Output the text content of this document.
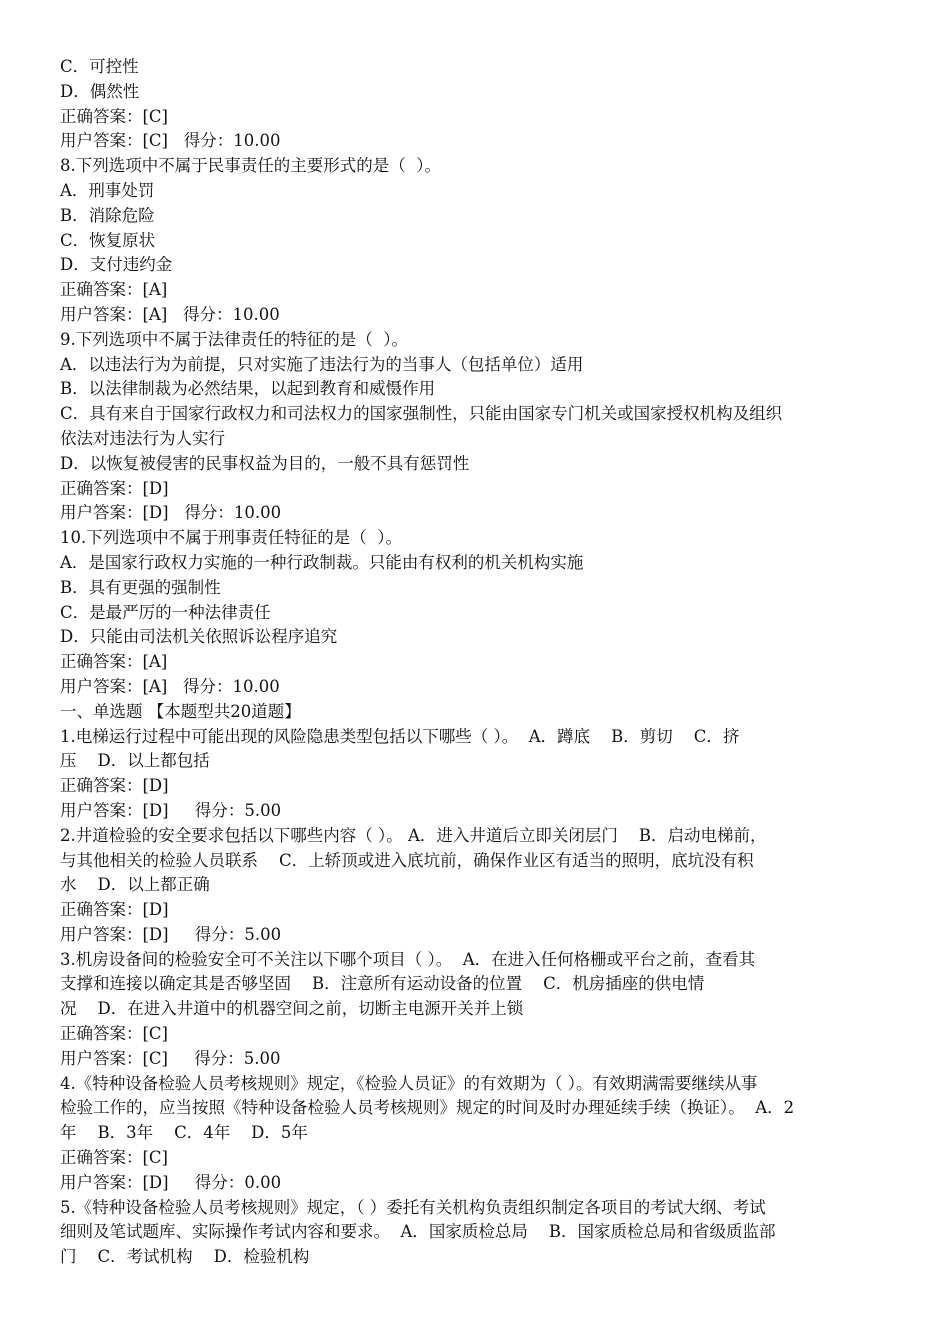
C．可控性
D．偶然性
正确答案：[C]
用户答案：[C]   得分：10.00
8.下列选项中不属于民事责任的主要形式的是（  ）。
A．刑事处罚
B．消除危险
C．恢复原状
D．支付违约金
正确答案：[A]
用户答案：[A]   得分：10.00
9.下列选项中不属于法律责任的特征的是（  ）。
A．以违法行为为前提，只对实施了违法行为的当事人（包括单位）适用
B．以法律制裁为必然结果，以起到教育和威慑作用
C．具有来自于国家行政权力和司法权力的国家强制性，只能由国家专门机关或国家授权机构及组织
依法对违法行为人实行
D．以恢复被侵害的民事权益为目的，一般不具有惩罚性
正确答案：[D]
用户答案：[D]   得分：10.00
10.下列选项中不属于刑事责任特征的是（  ）。
A．是国家行政权力实施的一种行政制裁。只能由有权利的机关机构实施
B．具有更强的强制性
C．是最严厉的一种法律责任
D．只能由司法机关依照诉讼程序追究
正确答案：[A]
用户答案：[A]   得分：10.00
一、单选题 【本题型共20道题】
1.电梯运行过程中可能出现的风险隐患类型包括以下哪些（ ）。  A．蹲底    B．剪切    C．挤
压    D．以上都包括
正确答案：[D]
用户答案：[D]     得分：5.00
2.井道检验的安全要求包括以下哪些内容（ ）。 A．进入井道后立即关闭层门    B．启动电梯前，
与其他相关的检验人员联系    C．上轿顶或进入底坑前，确保作业区有适当的照明，底坑没有积
水    D．以上都正确
正确答案：[D]
用户答案：[D]     得分：5.00
3.机房设备间的检验安全可不关注以下哪个项目（ ）。  A．在进入任何格栅或平台之前，查看其
支撑和连接以确定其是否够坚固    B．注意所有运动设备的位置    C．机房插座的供电情
况    D．在进入井道中的机器空间之前，切断主电源开关并上锁
正确答案：[C]
用户答案：[C]     得分：5.00
4.《特种设备检验人员考核规则》规定，《检验人员证》的有效期为（ ）。有效期满需要继续从事
检验工作的，应当按照《特种设备检验人员考核规则》规定的时间及时办理延续手续（换证）。  A．2
年    B．3年    C．4年    D．5年
正确答案：[C]
用户答案：[D]     得分：0.00
5.《特种设备检验人员考核规则》规定，（ ）委托有关机构负责组织制定各项目的考试大纲、考试
细则及笔试题库、实际操作考试内容和要求。  A．国家质检总局    B．国家质检总局和省级质监部
门    C．考试机构    D．检验机构
